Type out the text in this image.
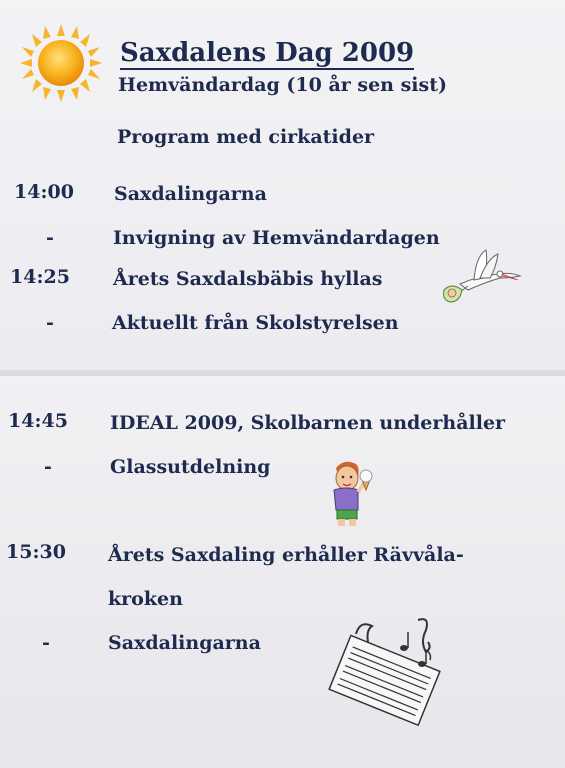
Saxdalens Dag 2009
Hemvändardag (10 år sen sist)
Program med cirkatider
14:00	Saxdalingarna
-	Invigning av Hemvändardagen
14:25	Årets Saxdalsbäbis hyllas
-	Aktuellt från Skolstyrelsen
14:45	IDEAL 2009, Skolbarnen underhåller
-	Glassutdelning
15:30	Årets Saxdaling erhåller Rävvåla-
kroken
-	Saxdalingarna
